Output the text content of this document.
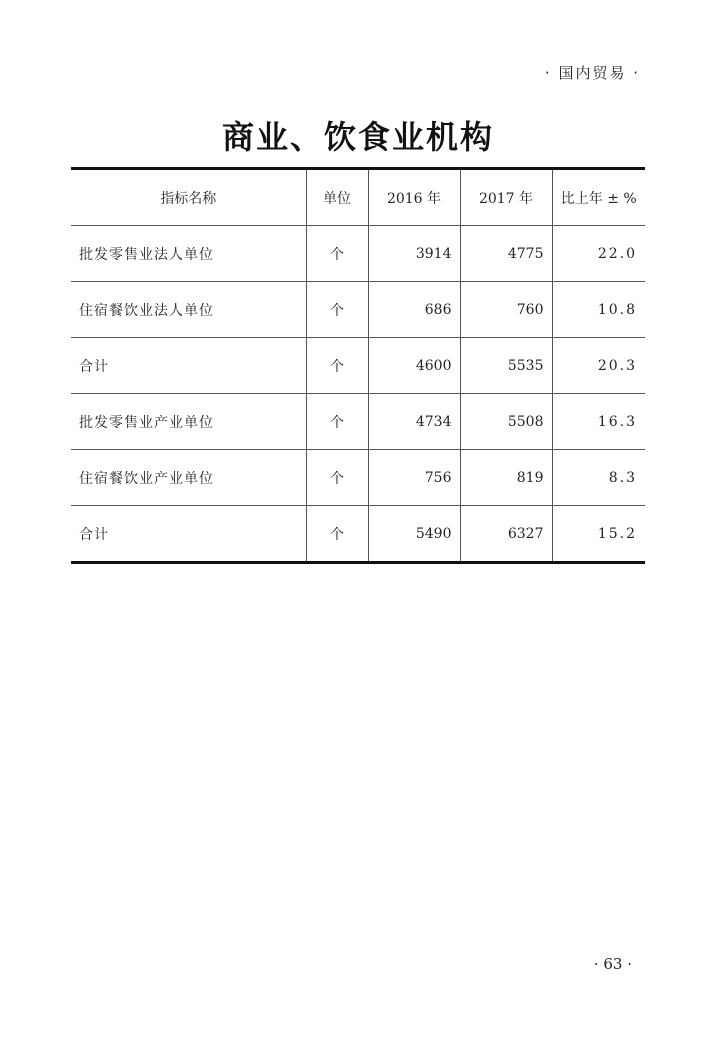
· 国内贸易 ·
商业、饮食业机构
指标名称	单位	2016 年	2017 年	比上年 ± %
批发零售业法人单位	个	3914	4775	22.0
住宿餐饮业法人单位	个	686	760	10.8
合计	个	4600	5535	20.3
批发零售业产业单位	个	4734	5508	16.3
住宿餐饮业产业单位	个	756	819	8.3
合计	个	5490	6327	15.2
· 63 ·
